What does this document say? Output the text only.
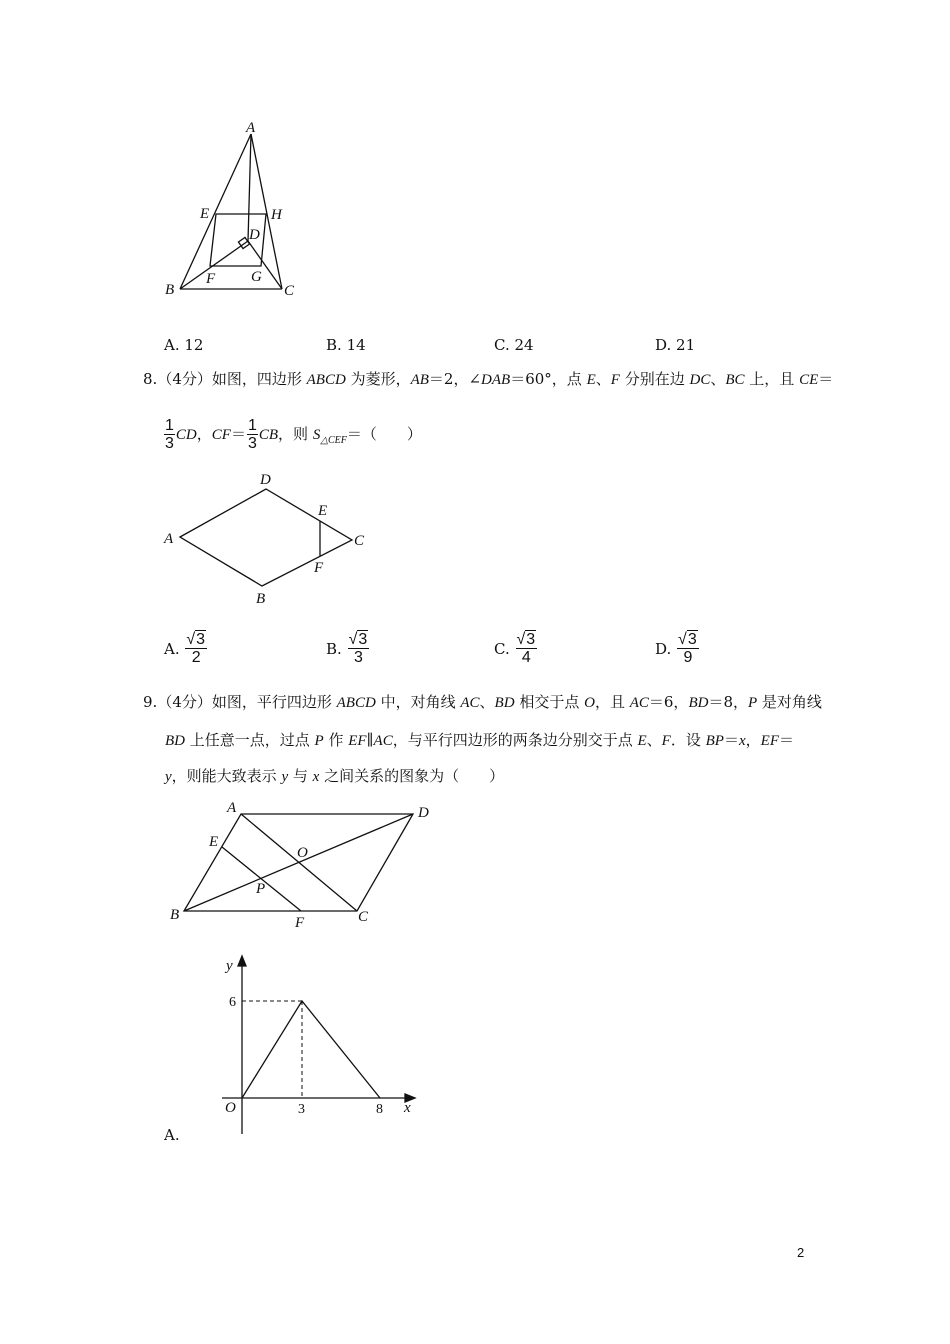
A
E	H
D
F G
B	C
A. 12	B. 14	C. 24	D. 21
8.（4分）如图，四边形 ABCD 为菱形，AB＝2，∠DAB＝60°，点 E、F 分别在边 DC、BC 上，且 CE＝
$\frac{1}{3}$ CD，$CF= \frac{1}{3}$ CB，则 $S_{\triangle CEF}=$（　　）
A
D
E
C
F
B
A. $\frac{√3}{2}$	B. $\frac{√3}{3}$	C. $\frac{√3}{4}$	D. $\frac{√3}{9}$
9.（4分）如图，平行四边形 ABCD 中，对角线 AC、BD 相交于点 O，且 AC＝6，BD＝8，P 是对角线
BD 上任意一点，过点 P 作 EF∥AC，与平行四边形的两条边分别交于点 E、F．设 BP＝x，EF＝
y，则能大致表示 y 与 x 之间关系的图象为（　　）
A	D
E
O
P
B	F	C
y
6
O	3	8 x
A.
2
